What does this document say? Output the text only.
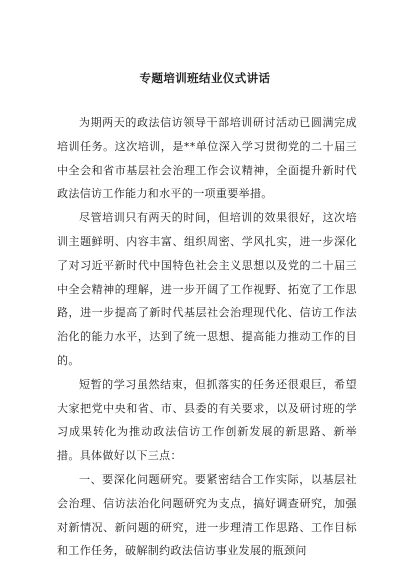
专题培训班结业仪式讲话

为期两天的政法信访领导干部培训研讨活动已圆满完成培训任务。这次培训，是**单位深入学习贯彻党的二十届三中全会和省市基层社会治理工作会议精神，全面提升新时代政法信访工作能力和水平的一项重要举措。

尽管培训只有两天的时间，但培训的效果很好，这次培训主题鲜明、内容丰富、组织周密、学风扎实，进一步深化了对习近平新时代中国特色社会主义思想以及党的二十届三中全会精神的理解，进一步开阔了工作视野、拓宽了工作思路，进一步提高了新时代基层社会治理现代化、信访工作法治化的能力水平，达到了统一思想、提高能力推动工作的目的。

短暂的学习虽然结束，但抓落实的任务还很艰巨，希望大家把党中央和省、市、县委的有关要求，以及研讨班的学习成果转化为推动政法信访工作创新发展的新思路、新举措。具体做好以下三点：

一、要深化问题研究。要紧密结合工作实际，以基层社会治理、信访法治化问题研究为支点，搞好调查研究，加强对新情况、新问题的研究，进一步理清工作思路、工作目标和工作任务，破解制约政法信访事业发展的瓶颈问
